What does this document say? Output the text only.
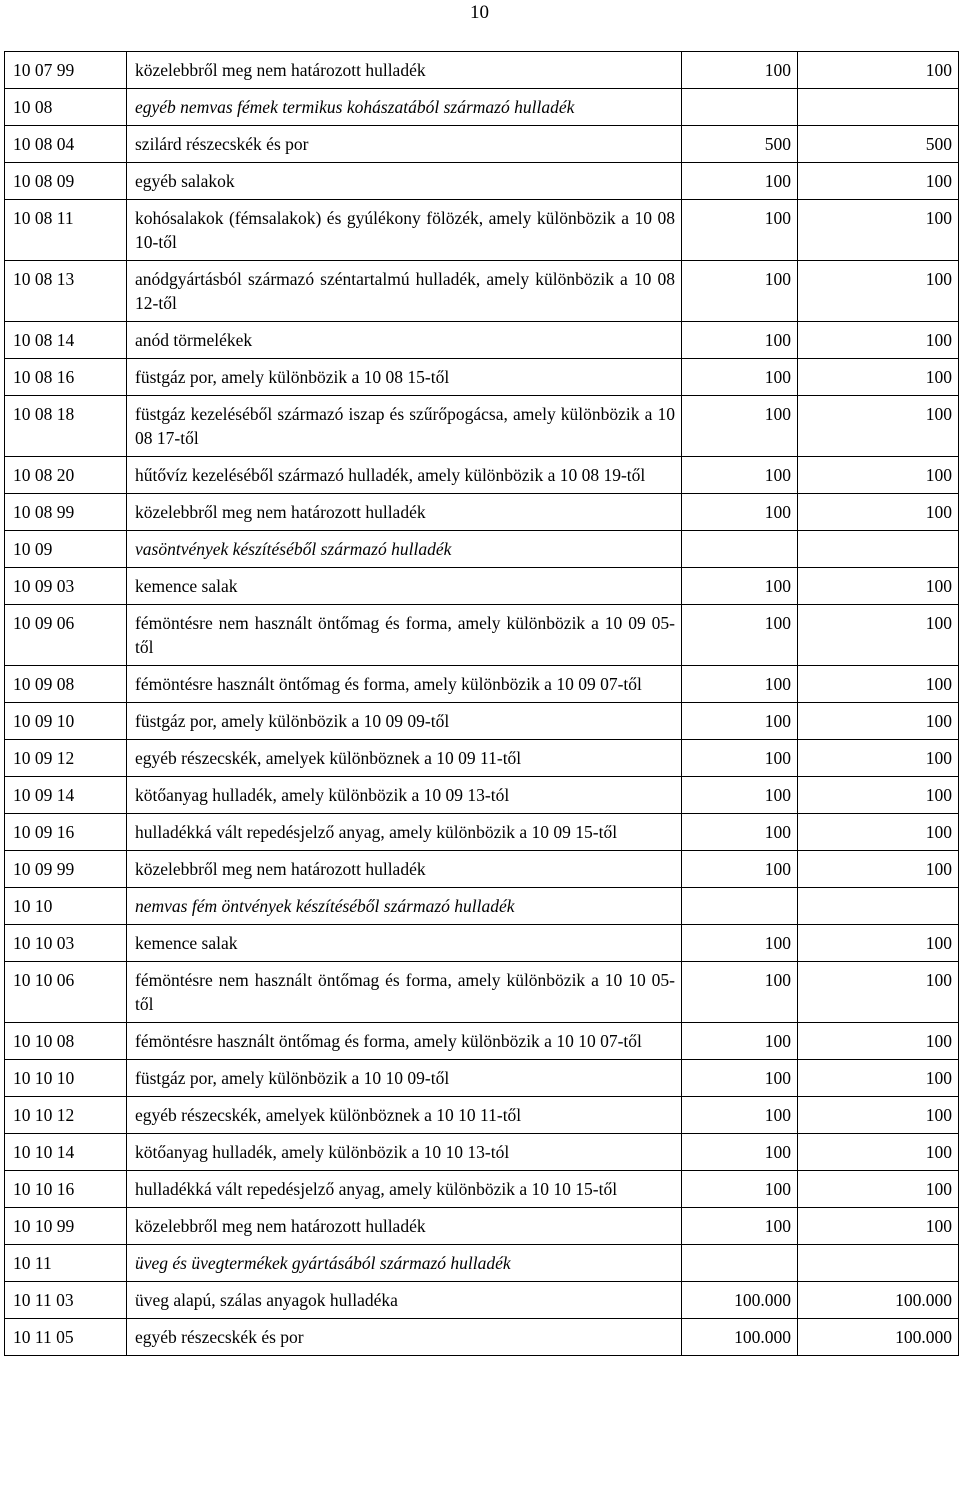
10
10 07 99	közelebbről meg nem határozott hulladék	100	100
10 08	egyéb nemvas fémek termikus kohászatából származó hulladék		
10 08 04	szilárd részecskék és por	500	500
10 08 09	egyéb salakok	100	100
10 08 11	kohósalakok (fémsalakok) és gyúlékony fölözék, amely különbözik a 10 08 10-től	100	100
10 08 13	anódgyártásból származó széntartalmú hulladék, amely különbözik a 10 08 12-től	100	100
10 08 14	anód törmelékek	100	100
10 08 16	füstgáz por, amely különbözik a 10 08 15-től	100	100
10 08 18	füstgáz kezeléséből származó iszap és szűrőpogácsa, amely különbözik a 10 08 17-től	100	100
10 08 20	hűtővíz kezeléséből származó hulladék, amely különbözik a 10 08 19-től	100	100
10 08 99	közelebbről meg nem határozott hulladék	100	100
10 09	vasöntvények készítéséből származó hulladék		
10 09 03	kemence salak	100	100
10 09 06	fémöntésre nem használt öntőmag és forma, amely különbözik a 10 09 05-től	100	100
10 09 08	fémöntésre használt öntőmag és forma, amely különbözik a 10 09 07-től	100	100
10 09 10	füstgáz por, amely különbözik a 10 09 09-től	100	100
10 09 12	egyéb részecskék, amelyek különböznek a 10 09 11-től	100	100
10 09 14	kötőanyag hulladék, amely különbözik a 10 09 13-tól	100	100
10 09 16	hulladékká vált repedésjelző anyag, amely különbözik a 10 09 15-től	100	100
10 09 99	közelebbről meg nem határozott hulladék	100	100
10 10	nemvas fém öntvények készítéséből származó hulladék		
10 10 03	kemence salak	100	100
10 10 06	fémöntésre nem használt öntőmag és forma, amely különbözik a 10 10 05-től	100	100
10 10 08	fémöntésre használt öntőmag és forma, amely különbözik a 10 10 07-től	100	100
10 10 10	füstgáz por, amely különbözik a 10 10 09-től	100	100
10 10 12	egyéb részecskék, amelyek különböznek a 10 10 11-től	100	100
10 10 14	kötőanyag hulladék, amely különbözik a 10 10 13-tól	100	100
10 10 16	hulladékká vált repedésjelző anyag, amely különbözik a 10 10 15-től	100	100
10 10 99	közelebbről meg nem határozott hulladék	100	100
10 11	üveg és üvegtermékek gyártásából származó hulladék		
10 11 03	üveg alapú, szálas anyagok hulladéka	100.000	100.000
10 11 05	egyéb részecskék és por	100.000	100.000
